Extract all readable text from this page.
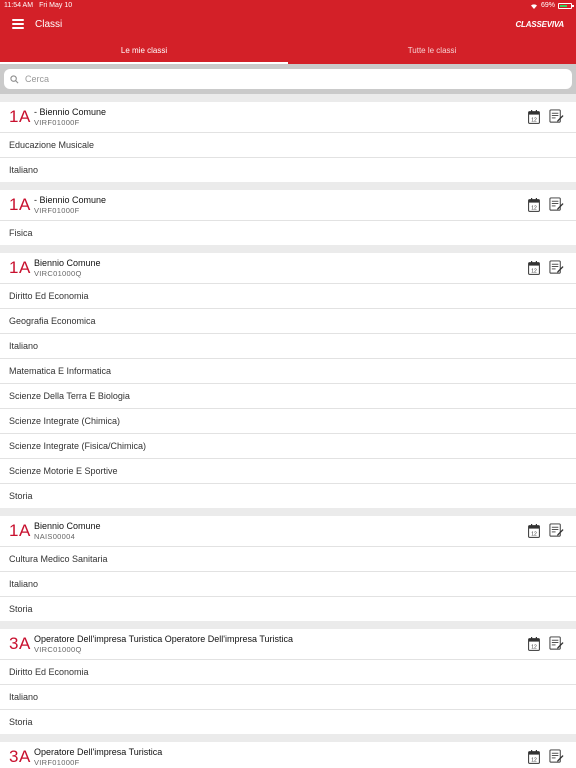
11:54 AM Fri May 10	69%
Classi	CLASSEVIVA
Le mie classi	Tutte le classi
Cerca
1A - Biennio Comune
VIRF01000F	12
Educazione Musicale
Italiano
1A - Biennio Comune
VIRF01000F	12
Fisica
1A Biennio Comune
VIRC01000Q	12
Diritto Ed Economia
Geografia Economica
Italiano
Matematica E Informatica
Scienze Della Terra E Biologia
Scienze Integrate (Chimica)
Scienze Integrate (Fisica/Chimica)
Scienze Motorie E Sportive
Storia
1A Biennio Comune
NAIS00004	12
Cultura Medico Sanitaria
Italiano
Storia
3A Operatore Dell'impresa Turistica Operatore Dell'impresa Turistica
VIRC01000Q	12
Diritto Ed Economia
Italiano
Storia
3A Operatore Dell'impresa Turistica
VIRF01000F	12
